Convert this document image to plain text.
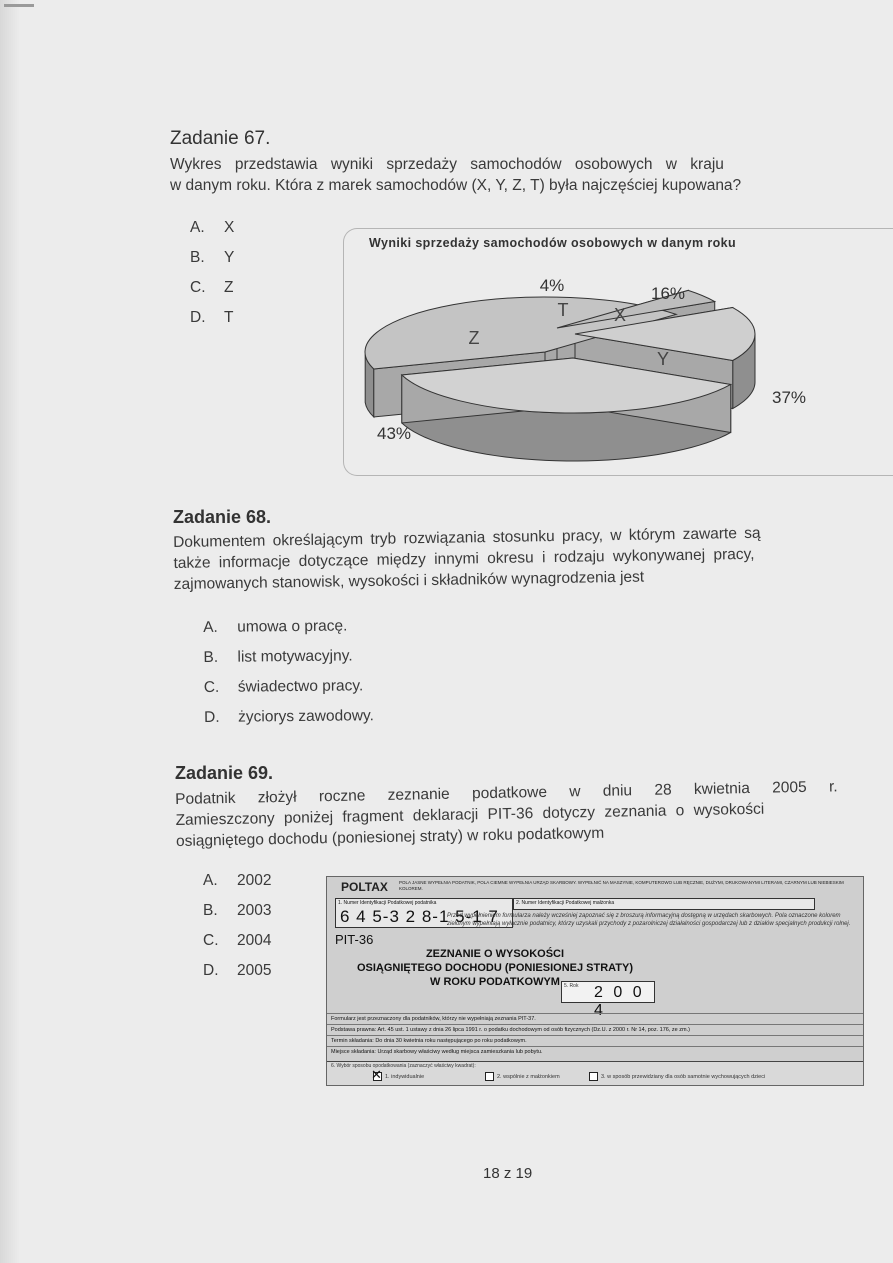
Zadanie 67.
Wykres przedstawia wyniki sprzedaży samochodów osobowych w kraju
w danym roku. Która z marek samochodów (X, Y, Z, T) była najczęściej kupowana?
A.	X
B.	Y
C.	Z
D.	T
Wyniki sprzedaży samochodów osobowych w danym roku
Z
43%
T
4%
X
16%
Y
37%
Zadanie 68.
Dokumentem określającym tryb rozwiązania stosunku pracy, w którym zawarte są
także informacje dotyczące między innymi okresu i rodzaju wykonywanej pracy,
zajmowanych stanowisk, wysokości i składników wynagrodzenia jest
A.	umowa o pracę.
B.	list motywacyjny.
C.	świadectwo pracy.
D.	życiorys zawodowy.
Zadanie 69.
Podatnik złożył roczne zeznanie podatkowe w dniu 28 kwietnia 2005 r.
Zamieszczony poniżej fragment deklaracji PIT-36 dotyczy zeznania o wysokości
osiągniętego dochodu (poniesionej straty) w roku podatkowym
A.	2002
B.	2003
C.	2004
D.	2005
POLTAX POLA JASNE WYPEŁNIA PODATNIK, POLA CIEMNE WYPEŁNIA URZĄD SKARBOWY. WYPEŁNIĆ NA MASZYNIE, KOMPUTEROWO LUB RĘCZNIE, DUŻYMI, DRUKOWANYMI LITERAMI, CZARNYM LUB NIEBIESKIM KOLOREM.
1. Numer Identyfikacji Podatkowej podatnika
6 4 5-3 2 8-1 5-1 7
2. Numer Identyfikacji Podatkowej małżonka
Przed wypełnieniem formularza należy wcześniej zapoznać się z broszurą informacyjną dostępną w urzędach skarbowych. Pola oznaczone kolorem zielonym wypełniają wyłącznie podatnicy, którzy uzyskali przychody z pozarolniczej działalności gospodarczej lub z działów specjalnych produkcji rolnej.
PIT-36
ZEZNANIE O WYSOKOŚCI
OSIĄGNIĘTEGO DOCHODU (PONIESIONEJ STRATY)
W ROKU PODATKOWYM 5. Rok 2 0 0 4
Formularz jest przeznaczony dla podatników, którzy nie wypełniają zeznania PIT-37.
Podstawa prawna: Art. 45 ust. 1 ustawy z dnia 26 lipca 1991 r. o podatku dochodowym od osób fizycznych (Dz.U. z 2000 r. Nr 14, poz. 176, ze zm.)
Termin składania: Do dnia 30 kwietnia roku następującego po roku podatkowym.
Miejsce składania: Urząd skarbowy właściwy według miejsca zamieszkania lub pobytu.
6. Wybór sposobu opodatkowania (zaznaczyć właściwy kwadrat):
✕
1. indywidualnie	2. wspólnie z małżonkiem	3. w sposób przewidziany dla osób samotnie wychowujących dzieci
18 z 19
